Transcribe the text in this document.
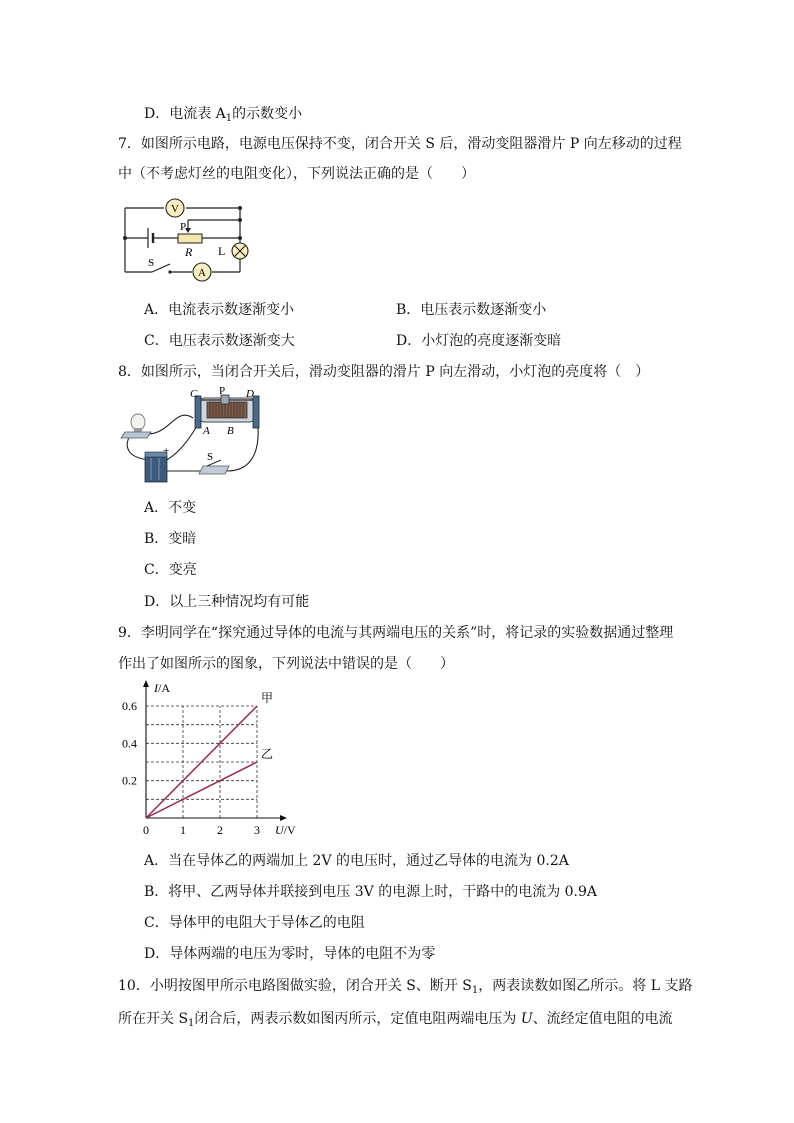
D．电流表 $A_1$的示数变小
7．如图所示电路，电源电压保持不变，闭合开关 S 后，滑动变阻器滑片 P 向左移动的过程
中（不考虑灯丝的电阻变化），下列说法正确的是（　　）
V
A
P
R L
S
A．电流表示数逐渐变小	B．电压表示数逐渐变小
C．电压表示数逐渐变大	D．小灯泡的亮度逐渐变暗
8．如图所示，当闭合开关后，滑动变阻器的滑片 P 向左滑动，小灯泡的亮度将（　）
C P D
A B
+	S
A．不变
B．变暗
C．变亮
D．以上三种情况均有可能
9．李明同学在“探究通过导体的电流与其两端电压的关系”时，将记录的实验数据通过整理
作出了如图所示的图象，下列说法中错误的是（　　）
甲
乙
0	1	2	3
0.2
0.4
0.6
I/A
U/V
A．当在导体乙的两端加上 2V 的电压时，通过乙导体的电流为 0.2A
B．将甲、乙两导体并联接到电压 3V 的电源上时，干路中的电流为 0.9A
C．导体甲的电阻大于导体乙的电阻
D．导体两端的电压为零时，导体的电阻不为零
10．小明按图甲所示电路图做实验，闭合开关 S、断开 $S_1$，两表读数如图乙所示。将 L 支路
所在开关 $S_1$闭合后，两表示数如图丙所示，定值电阻两端电压为 U、流经定值电阻的电流
